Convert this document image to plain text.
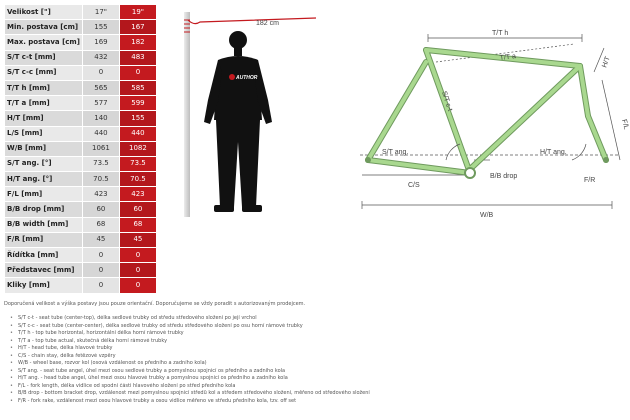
Velikost ["]	17"	19"
Min. postava [cm]	155	167
Max. postava [cm]	169	182
S/T c-t [mm]	432	483
S/T c-c [mm]	0	0
T/T h [mm]	565	585
T/T a [mm]	577	599
H/T [mm]	140	155
L/S [mm]	440	440
W/B [mm]	1061	1082
S/T ang. [°]	73.5	73.5
H/T ang. [°]	70.5	70.5
F/L [mm]	423	423
B/B drop [mm]	60	60
B/B width [mm]	68	68
F/R [mm]	45	45
Řídítka [mm]	0	0
Představec [mm]	0	0
Kliky [mm]	0	0
182 cm
AUTHOR
T/T h
T/T a	H/T
F/L
S/T c-t
S/T ang.	H/T ang.
C/S
B/B drop
F/R
W/B

Doporučená velikost a výška postavy jsou pouze orientační. Doporučujeme se vždy poradit s autorizovaným prodejcem.

• S/T c-t - seat tube (center-top), délka sedlové trubky od středu středového složení po její vrchol
• S/T c-c - seat tube (center-center), délka sedlové trubky od středu středového složení po osu horní rámové trubky
• T/T h - top tube horizontal, horizontální délka horní rámové trubky
• T/T a - top tube actual, skutečná délka horní rámové trubky
• H/T - head tube, délka hlavové trubky
• C/S - chain stay, délka řetězové vzpěry
• W/B - wheel base, rozvor kol (osová vzdálenost os předního a zadního kola)
• S/T ang. - seat tube angel, úhel mezi osou sedlové trubky a pomyslnou spojnicí os předního a zadního kola
• H/T ang. - head tube angel, úhel mezi osou hlavové trubky a pomyslnou spojnicí os předního a zadního kola
• F/L - fork length, délka vidlice od spodní části hlavového složení po střed předního kola
• B/B drop - bottom bracket drop, vzdálenost mezi pomyslnou spojnicí středů kol a středem středového složení, měřeno od středového složení
• F/R - fork rake, vzdálenost mezi osou hlavové trubky a osou vidlice měřeno ve středu předního kola, tzv. off set
